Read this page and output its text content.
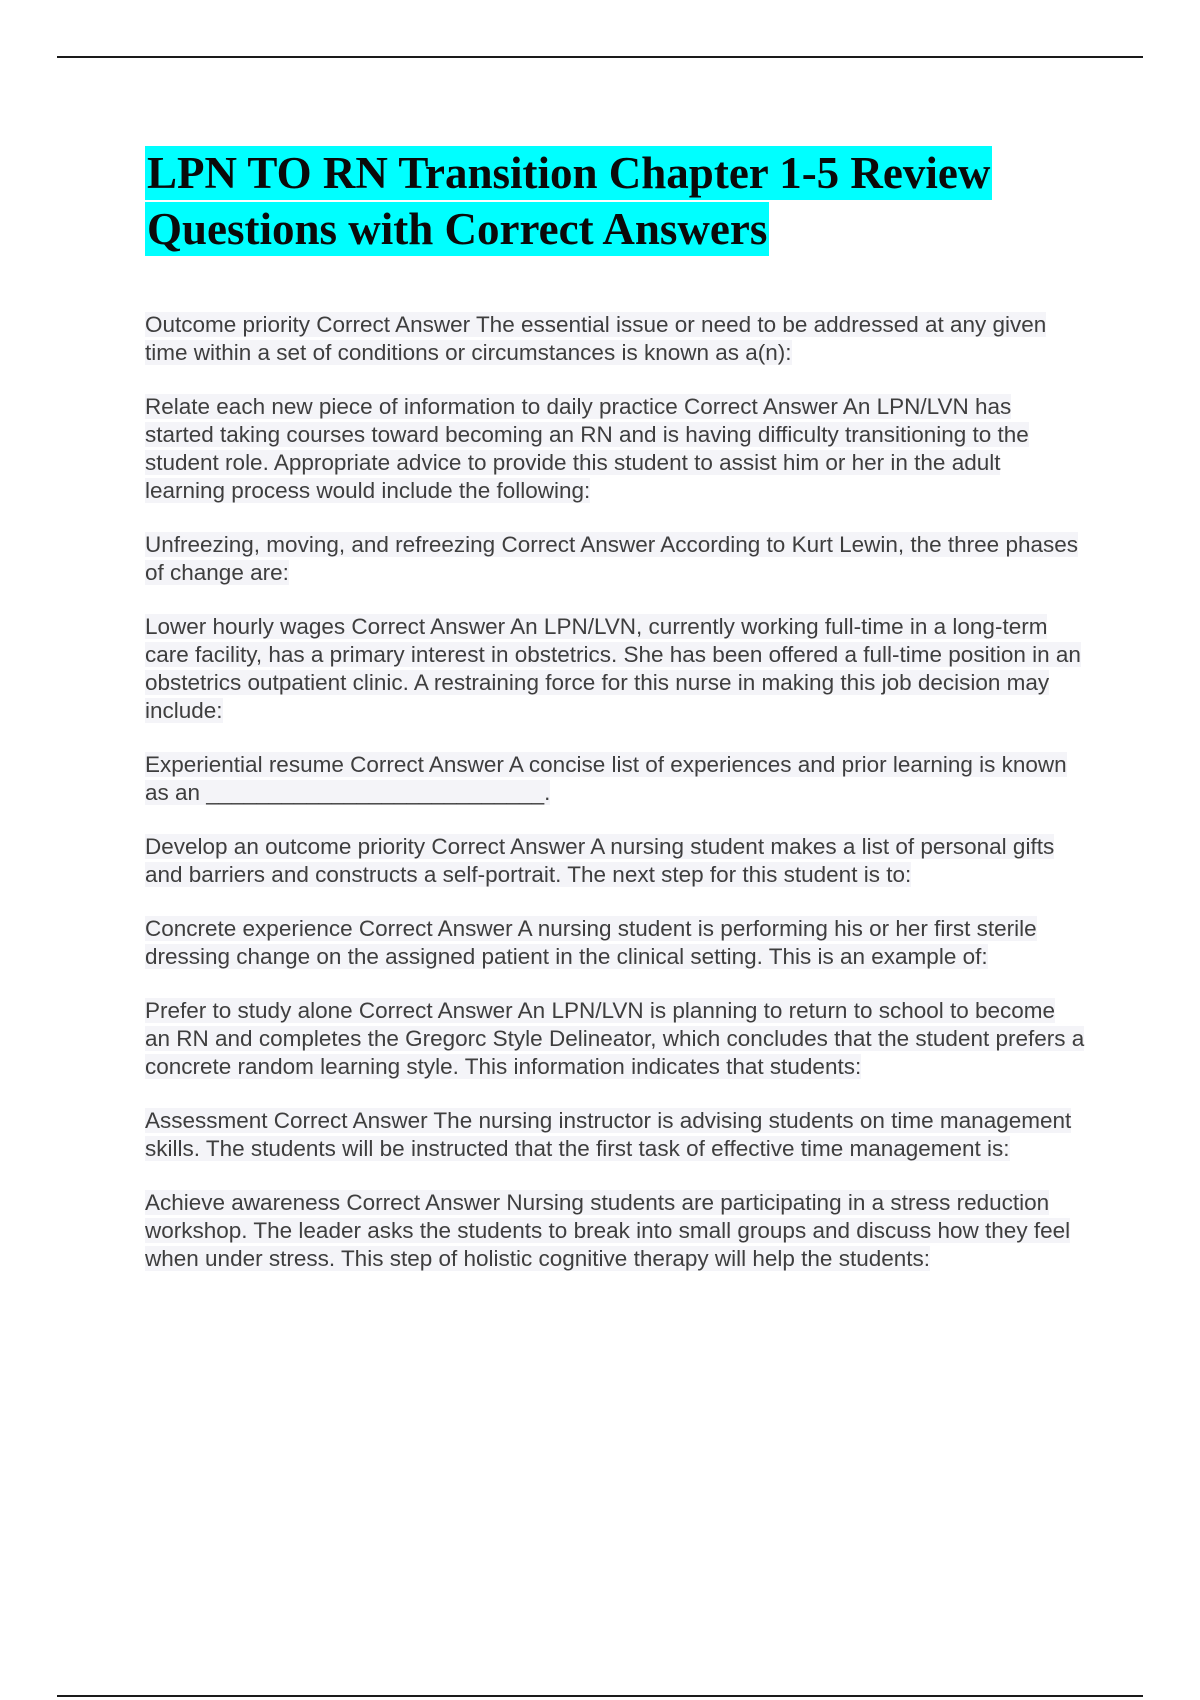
LPN TO RN Transition Chapter 1-5 Review Questions with Correct Answers
Outcome priority Correct Answer The essential issue or need to be addressed at any given time within a set of conditions or circumstances is known as a(n):
Relate each new piece of information to daily practice Correct Answer An LPN/LVN has started taking courses toward becoming an RN and is having difficulty transitioning to the student role. Appropriate advice to provide this student to assist him or her in the adult learning process would include the following:
Unfreezing, moving, and refreezing Correct Answer According to Kurt Lewin, the three phases of change are:
Lower hourly wages Correct Answer An LPN/LVN, currently working full-time in a long-term care facility, has a primary interest in obstetrics. She has been offered a full-time position in an obstetrics outpatient clinic. A restraining force for this nurse in making this job decision may include:
Experiential resume Correct Answer A concise list of experiences and prior learning is known as an ___________________________.
Develop an outcome priority Correct Answer A nursing student makes a list of personal gifts and barriers and constructs a self-portrait. The next step for this student is to:
Concrete experience Correct Answer A nursing student is performing his or her first sterile dressing change on the assigned patient in the clinical setting. This is an example of:
Prefer to study alone Correct Answer An LPN/LVN is planning to return to school to become an RN and completes the Gregorc Style Delineator, which concludes that the student prefers a concrete random learning style. This information indicates that students:
Assessment Correct Answer The nursing instructor is advising students on time management skills. The students will be instructed that the first task of effective time management is:
Achieve awareness Correct Answer Nursing students are participating in a stress reduction workshop. The leader asks the students to break into small groups and discuss how they feel when under stress. This step of holistic cognitive therapy will help the students:
